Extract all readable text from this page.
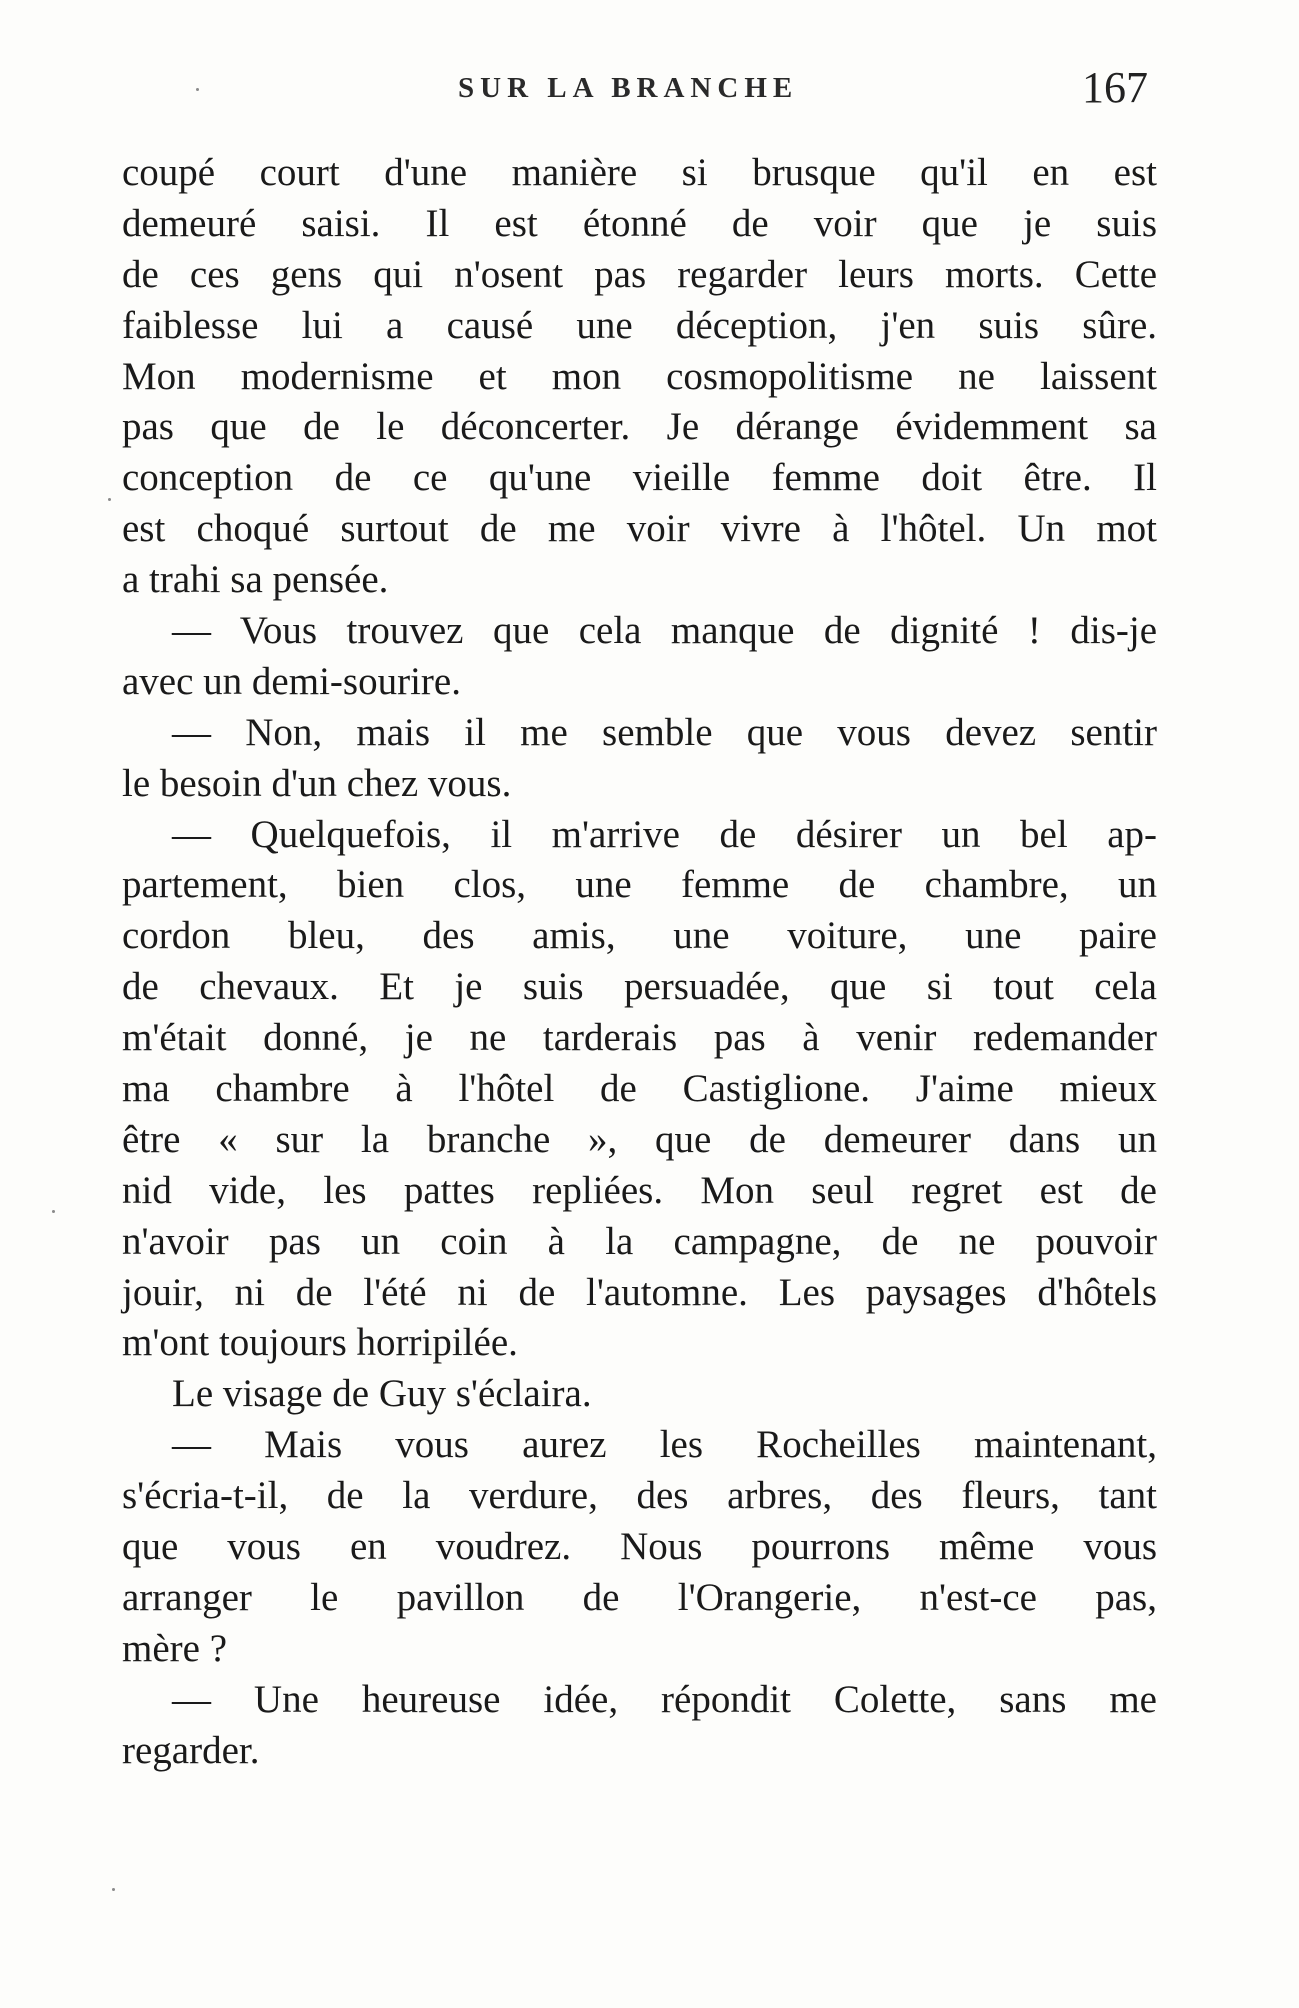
SUR LA BRANCHE	167
coupé court d'une manière si brusque qu'il en est
demeuré saisi. Il est étonné de voir que je suis
de ces gens qui n'osent pas regarder leurs morts. Cette
faiblesse lui a causé une déception, j'en suis sûre.
Mon modernisme et mon cosmopolitisme ne laissent
pas que de le déconcerter. Je dérange évidemment sa
conception de ce qu'une vieille femme doit être. Il
est choqué surtout de me voir vivre à l'hôtel. Un mot
a trahi sa pensée.
— Vous trouvez que cela manque de dignité ! dis-je
avec un demi-sourire.
— Non, mais il me semble que vous devez sentir
le besoin d'un chez vous.
— Quelquefois, il m'arrive de désirer un bel ap-
partement, bien clos, une femme de chambre, un
cordon bleu, des amis, une voiture, une paire
de chevaux. Et je suis persuadée, que si tout cela
m'était donné, je ne tarderais pas à venir redemander
ma chambre à l'hôtel de Castiglione. J'aime mieux
être « sur la branche », que de demeurer dans un
nid vide, les pattes repliées. Mon seul regret est de
n'avoir pas un coin à la campagne, de ne pouvoir
jouir, ni de l'été ni de l'automne. Les paysages d'hôtels
m'ont toujours horripilée.
Le visage de Guy s'éclaira.
— Mais vous aurez les Rocheilles maintenant,
s'écria-t-il, de la verdure, des arbres, des fleurs, tant
que vous en voudrez. Nous pourrons même vous
arranger le pavillon de l'Orangerie, n'est-ce pas,
mère ?
— Une heureuse idée, répondit Colette, sans me
regarder.
